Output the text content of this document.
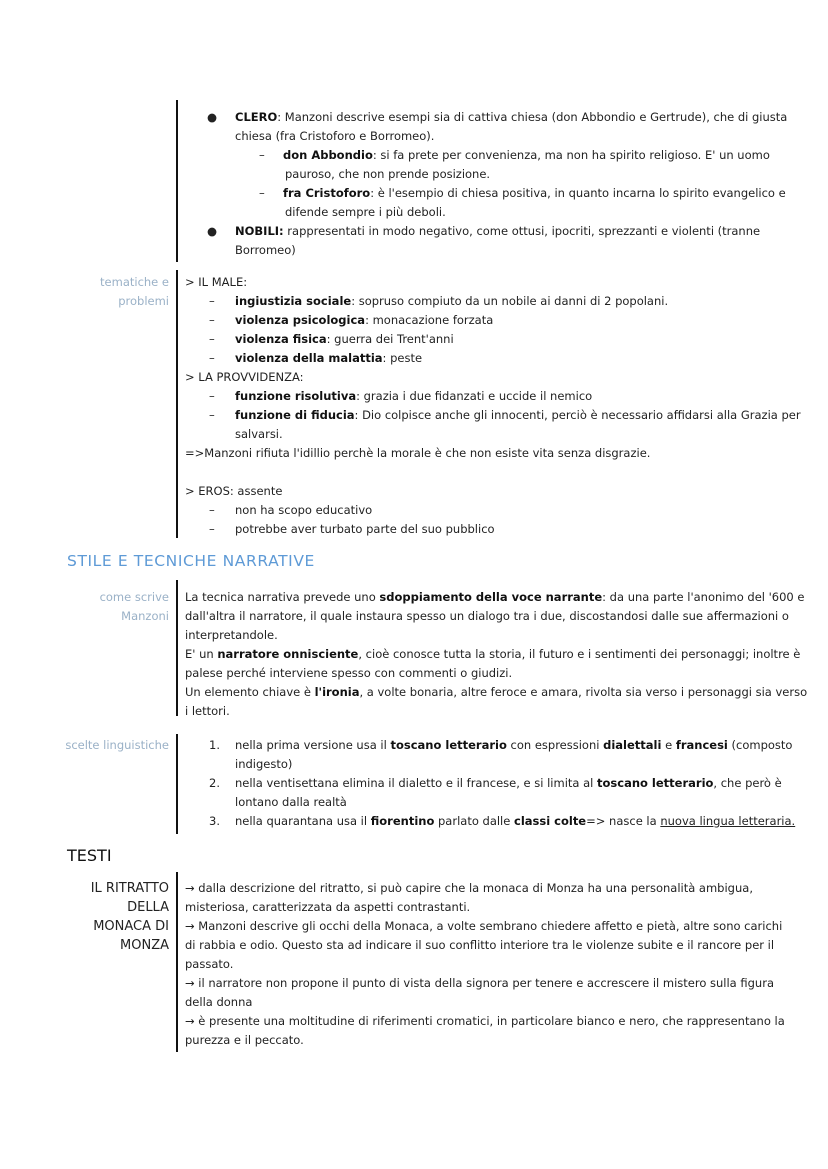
● CLERO: Manzoni descrive esempi sia di cattiva chiesa (don Abbondio e Gertrude), che di giusta
chiesa (fra Cristoforo e Borromeo).
– don Abbondio: si fa prete per convenienza, ma non ha spirito religioso. E' un uomo
pauroso, che non prende posizione.
– fra Cristoforo: è l'esempio di chiesa positiva, in quanto incarna lo spirito evangelico e
difende sempre i più deboli.
● NOBILI: rappresentati in modo negativo, come ottusi, ipocriti, sprezzanti e violenti (tranne
Borromeo)
tematiche e
problemi
> IL MALE:
– ingiustizia sociale: sopruso compiuto da un nobile ai danni di 2 popolani.
– violenza psicologica: monacazione forzata
– violenza fisica: guerra dei Trent'anni
– violenza della malattia: peste
> LA PROVVIDENZA:
– funzione risolutiva: grazia i due fidanzati e uccide il nemico
– funzione di fiducia: Dio colpisce anche gli innocenti, perciò è necessario affidarsi alla Grazia per
salvarsi.
=>Manzoni rifiuta l'idillio perchè la morale è che non esiste vita senza disgrazie.
> EROS: assente
– non ha scopo educativo
– potrebbe aver turbato parte del suo pubblico
STILE E TECNICHE NARRATIVE
come scrive
Manzoni
La tecnica narrativa prevede uno sdoppiamento della voce narrante: da una parte l'anonimo del '600 e
dall'altra il narratore, il quale instaura spesso un dialogo tra i due, discostandosi dalle sue affermazioni o
interpretandole.
E' un narratore onnisciente, cioè conosce tutta la storia, il futuro e i sentimenti dei personaggi; inoltre è
palese perché interviene spesso con commenti o giudizi.
Un elemento chiave è l'ironia, a volte bonaria, altre feroce e amara, rivolta sia verso i personaggi sia verso
i lettori.
scelte linguistiche	1. nella prima versione usa il toscano letterario con espressioni dialettali e francesi (composto
indigesto)
2. nella ventisettana elimina il dialetto e il francese, e si limita al toscano letterario, che però è
lontano dalla realtà
3. nella quarantana usa il fiorentino parlato dalle classi colte=> nasce la nuova lingua letteraria.
TESTI
IL RITRATTO
DELLA
MONACA DI
MONZA
→ dalla descrizione del ritratto, si può capire che la monaca di Monza ha una personalità ambigua,
misteriosa, caratterizzata da aspetti contrastanti.
→ Manzoni descrive gli occhi della Monaca, a volte sembrano chiedere affetto e pietà, altre sono carichi
di rabbia e odio. Questo sta ad indicare il suo conflitto interiore tra le violenze subite e il rancore per il
passato.
→ il narratore non propone il punto di vista della signora per tenere e accrescere il mistero sulla figura
della donna
→ è presente una moltitudine di riferimenti cromatici, in particolare bianco e nero, che rappresentano la
purezza e il peccato.
